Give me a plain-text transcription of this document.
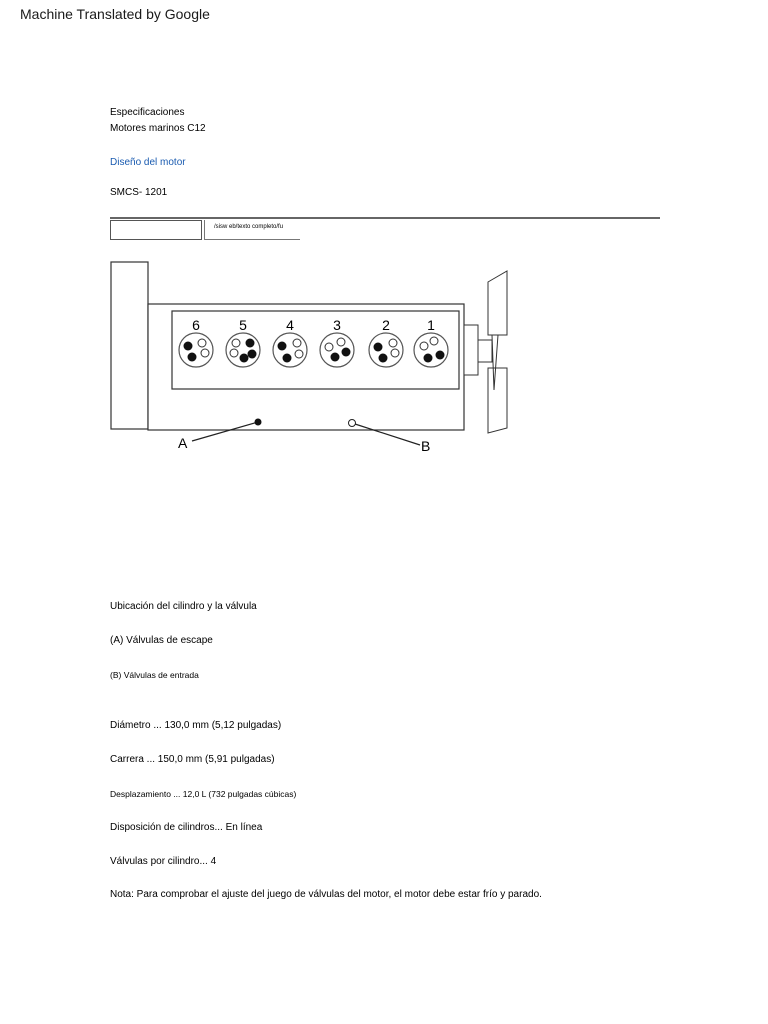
Machine Translated by Google
Especificaciones
Motores marinos C12
Diseño del motor
SMCS- 1201
/sisw eb/texto completo/fu
6	5	4	3	2	1
A	B
Ubicación del cilindro y la válvula
(A) Válvulas de escape
(B) Válvulas de entrada
Diámetro ... 130,0 mm (5,12 pulgadas)
Carrera ... 150,0 mm (5,91 pulgadas)
Desplazamiento ... 12,0 L (732 pulgadas cúbicas)
Disposición de cilindros... En línea
Válvulas por cilindro... 4
Nota: Para comprobar el ajuste del juego de válvulas del motor, el motor debe estar frío y parado.
